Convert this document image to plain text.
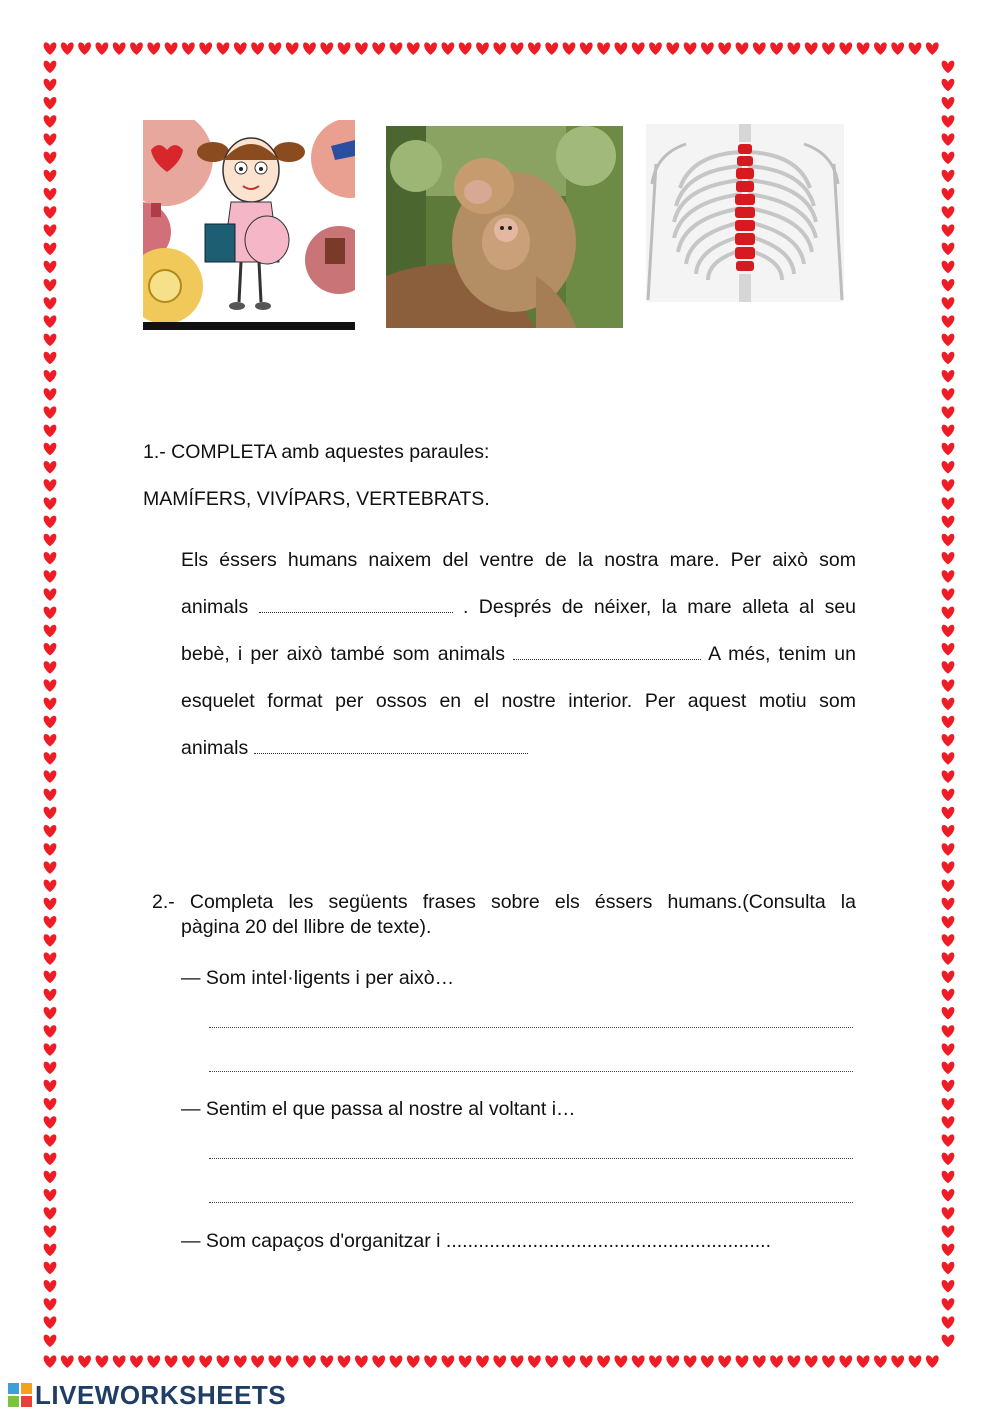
1.- COMPLETA amb aquestes paraules:
MAMÍFERS, VIVÍPARS, VERTEBRATS.
Els éssers humans naixem del ventre de la nostra mare. Per això som
animals	. Després de néixer, la mare alleta al seu
bebè, i per això també som animals	A més, tenim un
esquelet format per ossos en el nostre interior. Per aquest motiu som
animals
2.- Completa les següents frases sobre els éssers humans.(Consulta la
pàgina 20 del llibre de texte).
— Som intel·ligents i per això…
— Sentim el que passa al nostre al voltant i…
— Som capaços d'organitzar i ............................................................
LIVEWORKSHEETS
